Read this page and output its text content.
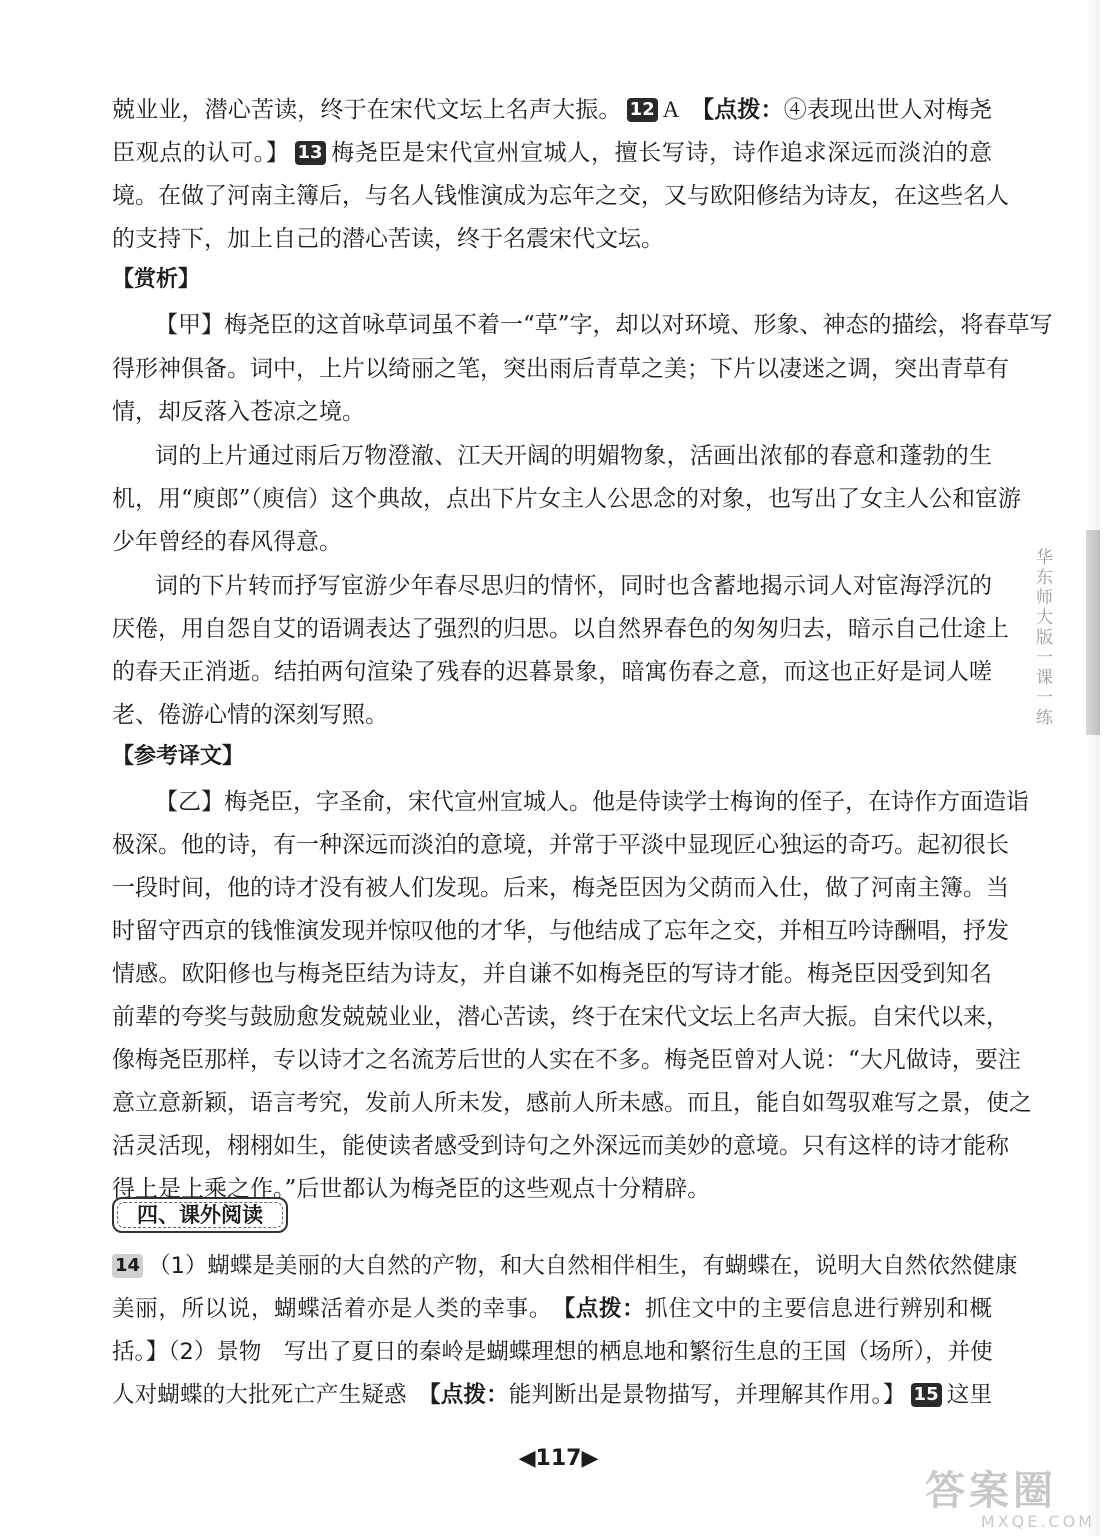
兢业业，潜心苦读，终于在宋代文坛上名声大振。 12 A　 【点拨：④表现出世人对梅尧
臣观点的认可。】 13 梅尧臣是宋代宣州宣城人，擅长写诗，诗作追求深远而淡泊的意
境。在做了河南主簿后，与名人钱惟演成为忘年之交，又与欧阳修结为诗友，在这些名人
的支持下，加上自己的潜心苦读，终于名震宋代文坛。
【赏析】
【甲】梅尧臣的这首咏草词虽不着一“草”字，却以对环境、形象、神态的描绘，将春草写
得形神俱备。词中，上片以绮丽之笔，突出雨后青草之美；下片以凄迷之调，突出青草有
情，却反落入苍凉之境。
词的上片通过雨后万物澄澈、江天开阔的明媚物象，活画出浓郁的春意和蓬勃的生
机，用“庾郎”（庾信）这个典故，点出下片女主人公思念的对象，也写出了女主人公和宦游
少年曾经的春风得意。
词的下片转而抒写宦游少年春尽思归的情怀，同时也含蓄地揭示词人对宦海浮沉的
厌倦，用自怨自艾的语调表达了强烈的归思。以自然界春色的匆匆归去，暗示自己仕途上
的春天正消逝。结拍两句渲染了残春的迟暮景象，暗寓伤春之意，而这也正好是词人嗟
老、倦游心情的深刻写照。
【参考译文】
【乙】梅尧臣，字圣俞，宋代宣州宣城人。他是侍读学士梅询的侄子，在诗作方面造诣
极深。他的诗，有一种深远而淡泊的意境，并常于平淡中显现匠心独运的奇巧。起初很长
一段时间，他的诗才没有被人们发现。后来，梅尧臣因为父荫而入仕，做了河南主簿。当
时留守西京的钱惟演发现并惊叹他的才华，与他结成了忘年之交，并相互吟诗酬唱，抒发
情感。欧阳修也与梅尧臣结为诗友，并自谦不如梅尧臣的写诗才能。梅尧臣因受到知名
前辈的夸奖与鼓励愈发兢兢业业，潜心苦读，终于在宋代文坛上名声大振。自宋代以来，
像梅尧臣那样，专以诗才之名流芳后世的人实在不多。梅尧臣曾对人说：“大凡做诗，要注
意立意新颖，语言考究，发前人所未发，感前人所未感。而且，能自如驾驭难写之景，使之
活灵活现，栩栩如生，能使读者感受到诗句之外深远而美妙的意境。只有这样的诗才能称
得上是上乘之作。”后世都认为梅尧臣的这些观点十分精辟。
四、课外阅读
14 （1）蝴蝶是美丽的大自然的产物，和大自然相伴相生，有蝴蝶在，说明大自然依然健康
美丽，所以说，蝴蝶活着亦是人类的幸事。　 【点拨：抓住文中的主要信息进行辨别和概
括。】（2）景物　写出了夏日的秦岭是蝴蝶理想的栖息地和繁衍生息的王国（场所），并使
人对蝴蝶的大批死亡产生疑惑　 【点拨：能判断出是景物描写，并理解其作用。】 15 这里
◀117▶
华东师大版一课一练
答案圈
MXQE.COM
